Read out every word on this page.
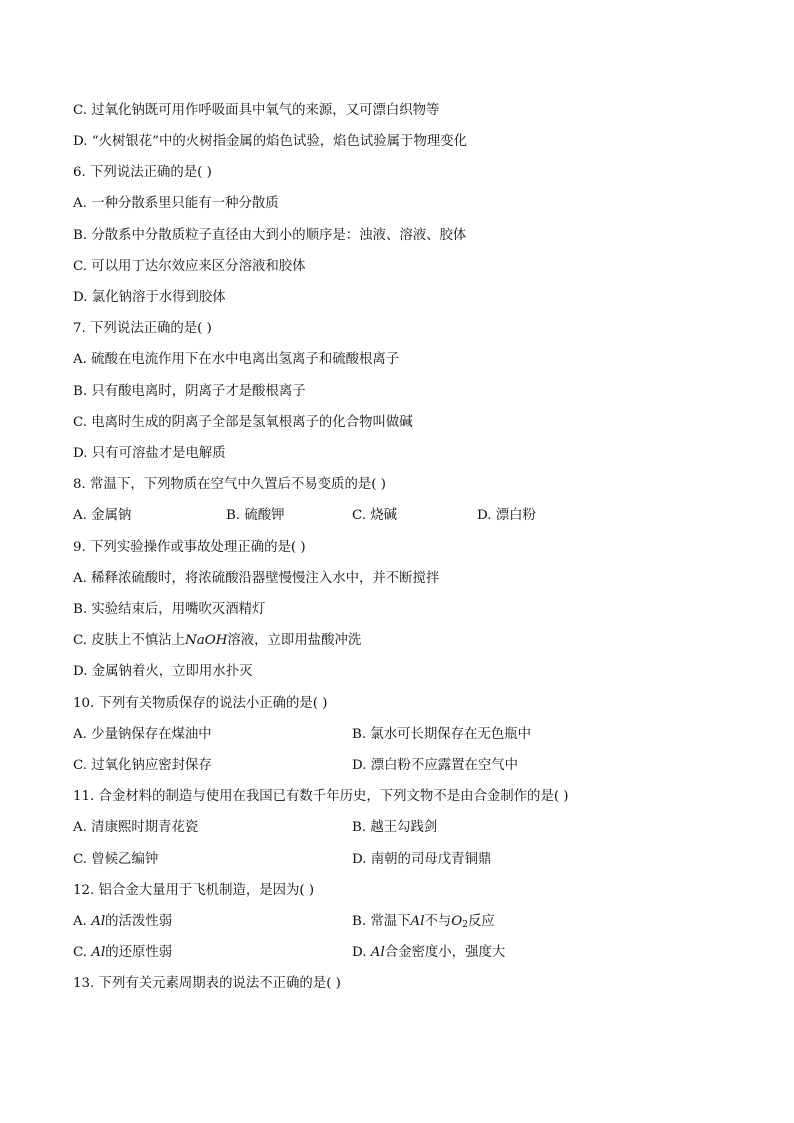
C. 过氧化钠既可用作呼吸面具中氧气的来源，又可漂白织物等
D. “火树银花”中的火树指金属的焰色试验，焰色试验属于物理变化
6. 下列说法正确的是( )
A. 一种分散系里只能有一种分散质
B. 分散系中分散质粒子直径由大到小的顺序是：浊液、溶液、胶体
C. 可以用丁达尔效应来区分溶液和胶体
D. 氯化钠溶于水得到胶体
7. 下列说法正确的是( )
A. 硫酸在电流作用下在水中电离出氢离子和硫酸根离子
B. 只有酸电离时，阴离子才是酸根离子
C. 电离时生成的阴离子全部是氢氧根离子的化合物叫做碱
D. 只有可溶盐才是电解质
8. 常温下，下列物质在空气中久置后不易变质的是( )
A. 金属钠	B. 硫酸钾	C. 烧碱	D. 漂白粉
9. 下列实验操作或事故处理正确的是( )
A. 稀释浓硫酸时，将浓硫酸沿器壁慢慢注入水中，并不断搅拌
B. 实验结束后，用嘴吹灭酒精灯
C. 皮肤上不慎沾上NaOH溶液，立即用盐酸冲洗
D. 金属钠着火，立即用水扑灭
10. 下列有关物质保存的说法小正确的是( )
A. 少量钠保存在煤油中	B. 氯水可长期保存在无色瓶中
C. 过氧化钠应密封保存	D. 漂白粉不应露置在空气中
11. 合金材料的制造与使用在我国已有数千年历史，下列文物不是由合金制作的是( )
A. 清康熙时期青花瓷	B. 越王勾践剑
C. 曾候乙编钟	D. 南朝的司母戊青铜鼎
12. 铝合金大量用于飞机制造，是因为( )
A. Al的活泼性弱	B. 常温下Al不与$O_2$反应
C. Al的还原性弱	D. Al合金密度小，强度大
13. 下列有关元素周期表的说法不正确的是( )
